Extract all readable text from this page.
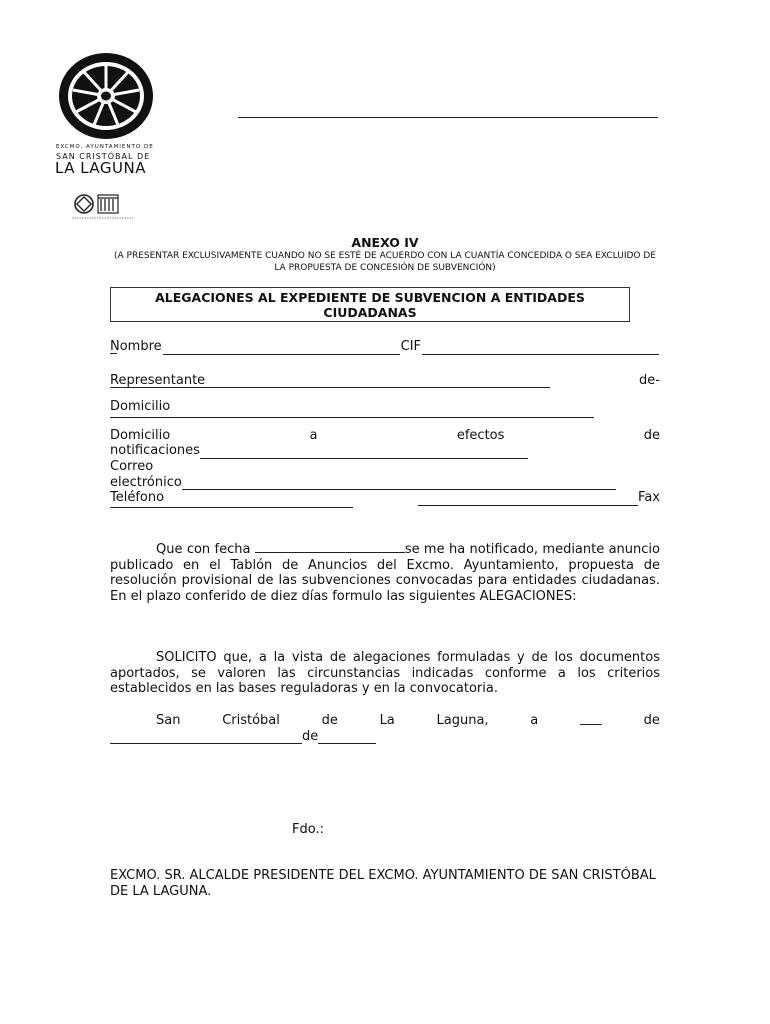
EXCMO. AYUNTAMIENTO DE
SAN CRISTÓBAL DE
LA LAGUNA
ANEXO IV
(A PRESENTAR EXCLUSIVAMENTE CUANDO NO SE ESTÉ DE ACUERDO CON LA CUANTÍA CONCEDIDA O SEA EXCLUIDO DE LA PROPUESTA DE CONCESIÓN DE SUBVENCIÓN)
ALEGACIONES AL EXPEDIENTE DE SUBVENCION A ENTIDADES CIUDADANAS
Nombre	CIF
Representante	de-
Domicilio
Domicilio	a	efectos	de
notificaciones
Correo
electrónico
Teléfono	Fax
Que con fecha	se me ha notificado, mediante anuncio publicado en el Tablón de Anuncios del Excmo. Ayuntamiento, propuesta de resolución provisional de las subvenciones convocadas para entidades ciudadanas. En el plazo conferido de diez días formulo las siguientes ALEGACIONES:
SOLICITO que, a la vista de alegaciones formuladas y de los documentos aportados, se valoren las circunstancias indicadas conforme a los criterios establecidos en las bases reguladoras y en la convocatoria.
San	Cristóbal	de	La	Laguna,	a	de
de
Fdo.:
EXCMO. SR. ALCALDE PRESIDENTE DEL EXCMO. AYUNTAMIENTO DE SAN CRISTÓBAL DE LA LAGUNA.
